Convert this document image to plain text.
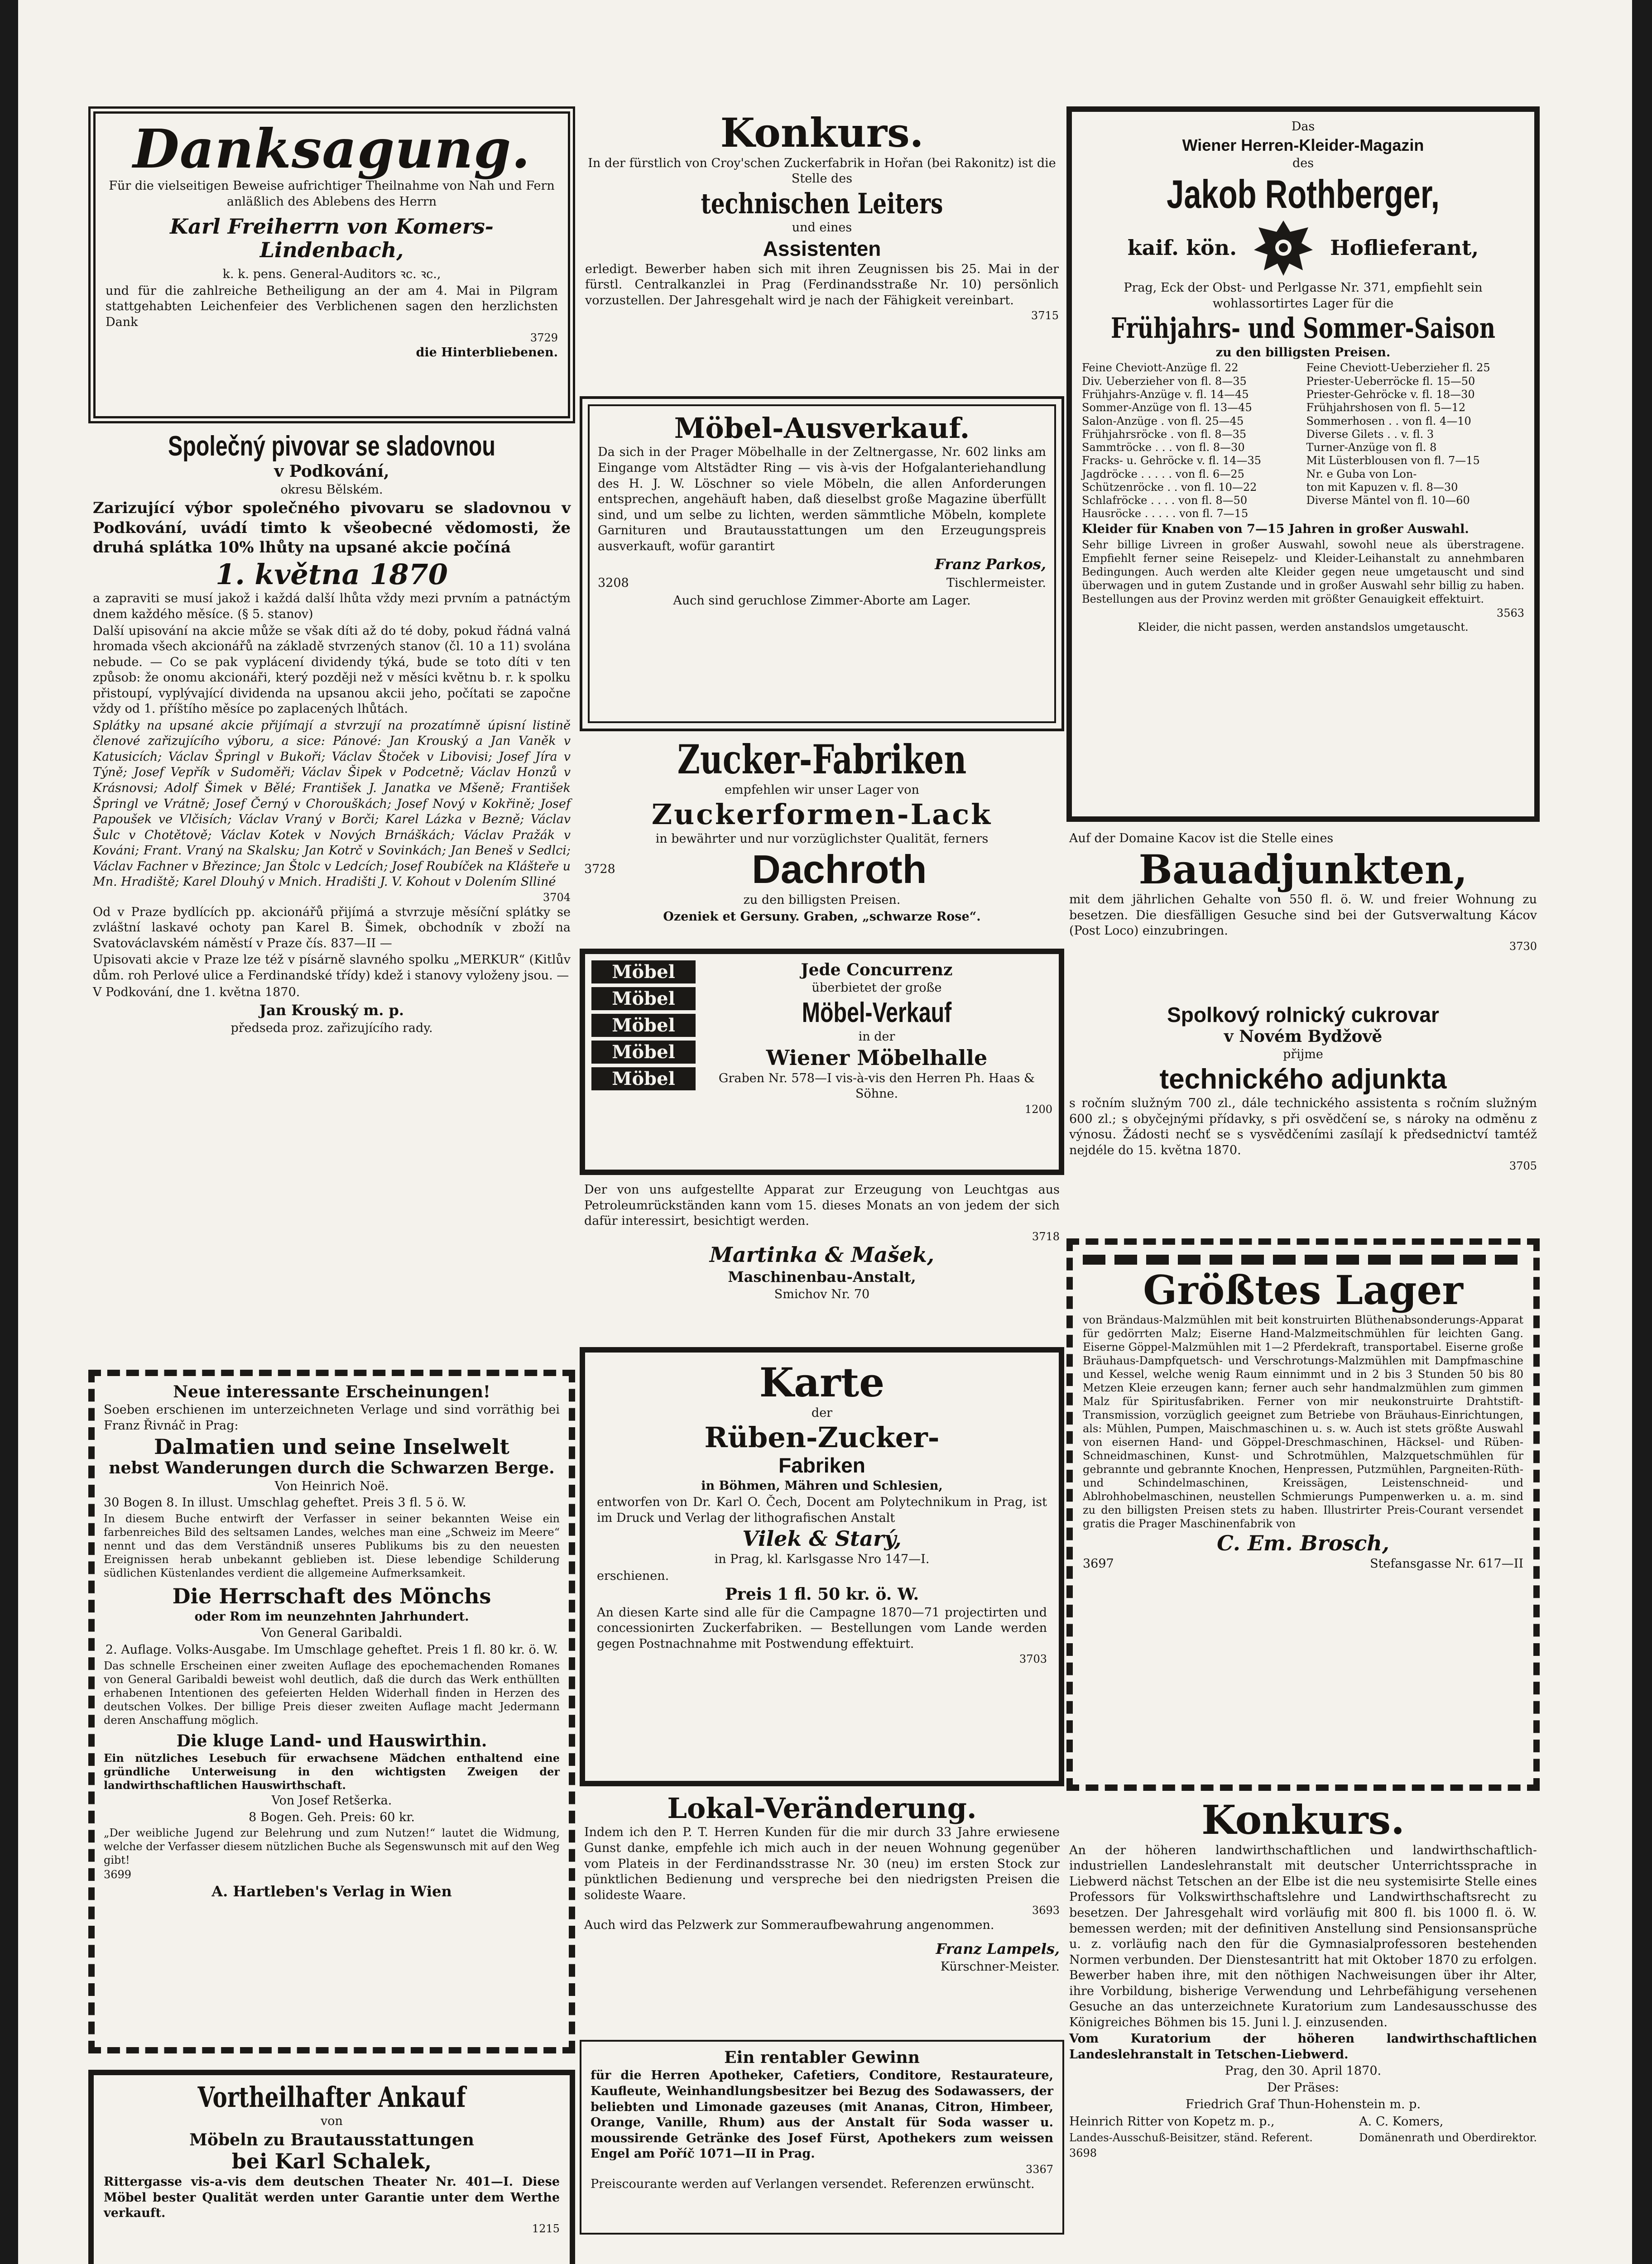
Danksagung.

Für die vielseitigen Beweise aufrichtiger Theilnahme von Nah und Fern anläßlich des Ablebens des Herrn

Karl Freiherrn von Komers-Lindenbach,

k. k. pens. General-Auditors ꝛc. ꝛc.,

und für die zahlreiche Betheiligung an der am 4. Mai in Pilgram stattgehabten Leichenfeier des Verblichenen sagen den herzlichsten Dank

3729

die Hinterbliebenen.

Společný pivovar se sladovnou

v Podkování,

okresu Bělském.

Zarizující výbor společného pivovaru se sladovnou v Podkování, uvádí timto k všeobecné vědomosti, že druhá splátka 10% lhůty na upsané akcie počíná

1. května 1870

a zapraviti se musí jakož i každá další lhůta vždy mezi prvním a patnáctým dnem každého měsíce. (§ 5. stanov)

Další upisování na akcie může se však díti až do té doby, pokud řádná valná hromada všech akcionářů na základě stvrzených stanov (čl. 10 a 11) svolána nebude. — Co se pak vyplácení dividendy týká, bude se toto díti v ten způsob: že onomu akcionáři, který později než v měsíci květnu b. r. k spolku přistoupí, vyplývající dividenda na upsanou akcii jeho, počítati se započne vždy od 1. příštího měsíce po zaplacených lhůtách.

Splátky na upsané akcie přijímají a stvrzují na prozatímně úpisní listině členové zařizujícího výboru, a sice: Pánové: Jan Krouský a Jan Vaněk v Katusicích; Václav Špringl v Bukoři; Václav Štoček v Libovisi; Josef Jíra v Týně; Josef Vepřík v Sudoměři; Václav Šipek v Podcetně; Václav Honzů v Krásnovsi; Adolf Šimek v Bělé; František J. Janatka ve Mšeně; František Špringl ve Vrátně; Josef Černý v Chorouškách; Josef Nový v Kokřině; Josef Papoušek ve Vlčisích; Václav Vraný v Borči; Karel Lázka v Bezně; Václav Šulc v Chotětově; Václav Kotek v Nových Brnáškách; Václav Pražák v Kováni; Frant. Vraný na Skalsku; Jan Kotrč v Sovinkách; Jan Beneš v Sedlci; Václav Fachner v Březince; Jan Štolc v Ledcích; Josef Roubíček na Klášteře u Mn. Hradiště; Karel Dlouhý v Mnich. Hradišti J. V. Kohout v Dolením Slliné

3704

Od v Praze bydlících pp. akcionářů přijímá a stvrzuje měsíční splátky se zvláštní laskavé ochoty pan Karel B. Šimek, obchodník v zboží na Svatováclavském náměstí v Praze čís. 837—II —

Upisovati akcie v Praze lze též v písárně slavného spolku „MERKUR“ (Kitlův dům. roh Perlové ulice a Ferdinandské třídy) kdež i stanovy vyloženy jsou. —

V Podkování, dne 1. května 1870.

Jan Krouský m. p.

předseda proz. zařizujícího rady.

Neue interessante Erscheinungen!

Soeben erschienen im unterzeichneten Verlage und sind vorräthig bei Franz Řivnáč in Prag:

Dalmatien und seine Inselwelt

nebst Wanderungen durch die Schwarzen Berge.

Von Heinrich Noë.

30 Bogen 8. In illust. Umschlag geheftet. Preis 3 fl. 5 ö. W.

In diesem Buche entwirft der Verfasser in seiner bekannten Weise ein farbenreiches Bild des seltsamen Landes, welches man eine „Schweiz im Meere“ nennt und das dem Verständniß unseres Publikums bis zu den neuesten Ereignissen herab unbekannt geblieben ist. Diese lebendige Schilderung südlichen Küstenlandes verdient die allgemeine Aufmerksamkeit.

Die Herrschaft des Mönchs

oder Rom im neunzehnten Jahrhundert.

Von General Garibaldi.

2. Auflage. Volks-Ausgabe. Im Umschlage geheftet. Preis 1 fl. 80 kr. ö. W.

Das schnelle Erscheinen einer zweiten Auflage des epochemachenden Romanes von General Garibaldi beweist wohl deutlich, daß die durch das Werk enthüllten erhabenen Intentionen des gefeierten Helden Widerhall finden in Herzen des deutschen Volkes. Der billige Preis dieser zweiten Auflage macht Jedermann deren Anschaffung möglich.

Die kluge Land- und Hauswirthin.

Ein nützliches Lesebuch für erwachsene Mädchen enthaltend eine gründliche Unterweisung in den wichtigsten Zweigen der landwirthschaftlichen Hauswirthschaft.

Von Josef Retšerka.

8 Bogen. Geh. Preis: 60 kr.

„Der weibliche Jugend zur Belehrung und zum Nutzen!“ lautet die Widmung, welche der Verfasser diesem nützlichen Buche als Segenswunsch mit auf den Weg gibt!

3699

A. Hartleben's Verlag in Wien

Vortheilhafter Ankauf

von

Möbeln zu Brautausstattungen

bei Karl Schalek,

Rittergasse vis-a-vis dem deutschen Theater Nr. 401—I. Diese Möbel bester Qualität werden unter Garantie unter dem Werthe verkauft.

1215

Konkurs.

In der fürstlich von Croy'schen Zuckerfabrik in Hořan (bei Rakonitz) ist die Stelle des

technischen Leiters

und eines

Assistenten

erledigt. Bewerber haben sich mit ihren Zeugnissen bis 25. Mai in der fürstl. Centralkanzlei in Prag (Ferdinandsstraße Nr. 10) persönlich vorzustellen. Der Jahresgehalt wird je nach der Fähigkeit vereinbart.

3715

Möbel-Ausverkauf.

Da sich in der Prager Möbelhalle in der Zeltnergasse, Nr. 602 links am Eingange vom Altstädter Ring — vis à-vis der Hofgalanteriehandlung des H. J. W. Löschner so viele Möbeln, die allen Anforderungen entsprechen, angehäuft haben, daß dieselbst große Magazine überfüllt sind, und um selbe zu lichten, werden sämmtliche Möbeln, komplete Garnituren und Brautausstattungen um den Erzeugungspreis ausverkauft, wofür garantirt

Franz Parkos,

3208	Tischlermeister.

Auch sind geruchlose Zimmer-Aborte am Lager.

Zucker-Fabriken

empfehlen wir unser Lager von

Zuckerformen-Lack

in bewährter und nur vorzüglichster Qualität, ferners

3728	Dachroth

zu den billigsten Preisen.

Ozeniek et Gersuny. Graben, „schwarze Rose“.

Möbel

Möbel

Möbel

Möbel

Möbel

Jede Concurrenz

überbietet der große

Möbel-Verkauf

in der

Wiener Möbelhalle

Graben Nr. 578—I vis-à-vis den Herren Ph. Haas & Söhne.

1200

Der von uns aufgestellte Apparat zur Erzeugung von Leuchtgas aus Petroleumrückständen kann vom 15. dieses Monats an von jedem der sich dafür interessirt, besichtigt werden.

3718

Martinka & Mašek,

Maschinenbau-Anstalt,

Smichov Nr. 70

Karte

der

Rüben-Zucker-

Fabriken

in Böhmen, Mähren und Schlesien,

entworfen von Dr. Karl O. Čech, Docent am Polytechnikum in Prag, ist im Druck und Verlag der lithografischen Anstalt

Vilek & Starý,

in Prag, kl. Karlsgasse Nro 147—I.

erschienen.

Preis 1 fl. 50 kr. ö. W.

An diesen Karte sind alle für die Campagne 1870—71 projectirten und concessionirten Zuckerfabriken. — Bestellungen vom Lande werden gegen Postnachnahme mit Postwendung effektuirt.

3703

Lokal-Veränderung.

Indem ich den P. T. Herren Kunden für die mir durch 33 Jahre erwiesene Gunst danke, empfehle ich mich auch in der neuen Wohnung gegenüber vom Plateis in der Ferdinandsstrasse Nr. 30 (neu) im ersten Stock zur pünktlichen Bedienung und verspreche bei den niedrigsten Preisen die solideste Waare.

3693

Auch wird das Pelzwerk zur Sommeraufbewahrung angenommen.

Franz Lampels,

Kürschner-Meister.

Ein rentabler Gewinn

für die Herren Apotheker, Cafetiers, Conditore, Restaurateure, Kaufleute, Weinhandlungsbesitzer bei Bezug des Sodawassers, der beliebten und Limonade gazeuses (mit Ananas, Citron, Himbeer, Orange, Vanille, Rhum) aus der Anstalt für Soda wasser u. moussirende Getränke des Josef Fürst, Apothekers zum weissen Engel am Poříč 1071—II in Prag.

3367

Preiscourante werden auf Verlangen versendet. Referenzen erwünscht.

Das

Wiener Herren-Kleider-Magazin

des

Jakob Rothberger,

kaif. kön.	Hoflieferant,

Prag, Eck der Obst- und Perlgasse Nr. 371, empfiehlt sein wohlassortirtes Lager für die

Frühjahrs- und Sommer-Saison

zu den billigsten Preisen.

Feine Cheviott-Anzüge fl. 22

Div. Ueberzieher von fl. 8—35

Frühjahrs-Anzüge v. fl. 14—45

Sommer-Anzüge von fl. 13—45

Salon-Anzüge . von fl. 25—45

Frühjahrsröcke . von fl. 8—35

Sammtröcke . . . von fl. 8—30

Fracks- u. Gehröcke v. fl. 14—35

Jagdröcke . . . . . von fl. 6—25

Schützenröcke . . von fl. 10—22

Schlafröcke . . . . von fl. 8—50

Hausröcke . . . . . von fl. 7—15

Feine Cheviott-Ueberzieher fl. 25

Priester-Ueberröcke fl. 15—50

Priester-Gehröcke v. fl. 18—30

Frühjahrshosen von fl. 5—12

Sommerhosen . . von fl. 4—10

Diverse Gilets . . v. fl. 3

Turner-Anzüge von fl. 8

Mit Lüsterblousen von fl. 7—15

Nr. e Guba von Lon-

ton mit Kapuzen v. fl. 8—30

Diverse Mäntel von fl. 10—60

Kleider für Knaben von 7—15 Jahren in großer Auswahl.

Sehr billige Livreen in großer Auswahl, sowohl neue als überstragene. Empfiehlt ferner seine Reisepelz- und Kleider-Leihanstalt zu annehmbaren Bedingungen. Auch werden alte Kleider gegen neue umgetauscht und sind überwagen und in gutem Zustande und in großer Auswahl sehr billig zu haben. Bestellungen aus der Provinz werden mit größter Genauigkeit effektuirt.

3563

Kleider, die nicht passen, werden anstandslos umgetauscht.

Auf der Domaine Kacov ist die Stelle eines

Bauadjunkten,

mit dem jährlichen Gehalte von 550 fl. ö. W. und freier Wohnung zu besetzen. Die diesfälligen Gesuche sind bei der Gutsverwaltung Kácov (Post Loco) einzubringen.

3730

Spolkový rolnický cukrovar

v Novém Bydžově

přijme

technického adjunkta

s ročním služným 700 zl., dále technického assistenta s ročním služným 600 zl.; s obyčejnými přídavky, s při osvědčení se, s nároky na odměnu z výnosu. Žádosti nechť se s vysvědčeními zasílají k předsednictví tamtéž nejdéle do 15. května 1870.

3705

Größtes Lager

von Brändaus-Malzmühlen mit beit konstruirten Blüthenabsonderungs-Apparat für gedörrten Malz; Eiserne Hand-Malzmeitschmühlen für leichten Gang. Eiserne Göppel-Malzmühlen mit 1—2 Pferdekraft, transportabel. Eiserne große Bräuhaus-Dampfquetsch- und Verschrotungs-Malzmühlen mit Dampfmaschine und Kessel, welche wenig Raum einnimmt und in 2 bis 3 Stunden 50 bis 80 Metzen Kleie erzeugen kann; ferner auch sehr handmalzmühlen zum gimmen Malz für Spiritusfabriken. Ferner von mir neukonstruirte Drahtstift-Transmission, vorzüglich geeignet zum Betriebe von Bräuhaus-Einrichtungen, als: Mühlen, Pumpen, Maischmaschinen u. s. w. Auch ist stets größte Auswahl von eisernen Hand- und Göppel-Dreschmaschinen, Häcksel- und Rüben-Schneidmaschinen, Kunst- und Schrotmühlen, Malzquetschmühlen für gebrannte und gebrannte Knochen, Henpressen, Putzmühlen, Pargneiten-Rüth- und Schindelmaschinen, Kreissägen, Leistenschneid- und Ablrohhobelmaschinen, neustellen Schmierungs Pumpenwerken u. a. m. sind zu den billigsten Preisen stets zu haben. Illustrirter Preis-Courant versendet gratis die Prager Maschinenfabrik von

C. Em. Brosch,

3697	Stefansgasse Nr. 617—II

Konkurs.

An der höheren landwirthschaftlichen und landwirthschaftlich-industriellen Landeslehranstalt mit deutscher Unterrichtssprache in Liebwerd nächst Tetschen an der Elbe ist die neu systemisirte Stelle eines Professors für Volkswirthschaftslehre und Landwirthschaftsrecht zu besetzen. Der Jahresgehalt wird vorläufig mit 800 fl. bis 1000 fl. ö. W. bemessen werden; mit der definitiven Anstellung sind Pensionsansprüche u. z. vorläufig nach den für die Gymnasialprofessoren bestehenden Normen verbunden. Der Dienstesantritt hat mit Oktober 1870 zu erfolgen. Bewerber haben ihre, mit den nöthigen Nachweisungen über ihr Alter, ihre Vorbildung, bisherige Verwendung und Lehrbefähigung versehenen Gesuche an das unterzeichnete Kuratorium zum Landesausschusse des Königreiches Böhmen bis 15. Juni l. J. einzusenden.

Vom Kuratorium der höheren landwirthschaftlichen Landeslehranstalt in Tetschen-Liebwerd.

Prag, den 30. April 1870.

Der Präses:

Friedrich Graf Thun-Hohenstein m. p.

Heinrich Ritter von Kopetz m. p.,

Landes-Ausschuß-Beisitzer, ständ. Referent.

A. C. Komers,

Domänenrath und Oberdirektor.

3698
